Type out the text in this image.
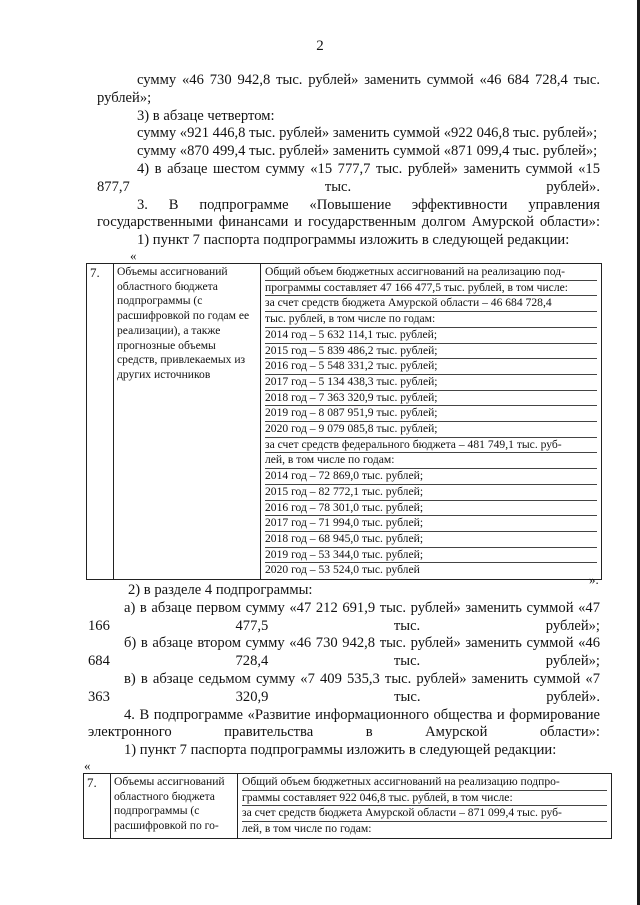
2

сумму «46 730 942,8 тыс. рублей» заменить суммой «46 684 728,4 тыс. рублей»;

3) в абзаце четвертом:

сумму «921 446,8 тыс. рублей» заменить суммой «922 046,8 тыс. рублей»;

сумму «870 499,4 тыс. рублей» заменить суммой «871 099,4 тыс. рублей»;

4) в абзаце шестом сумму «15 777,7 тыс. рублей» заменить суммой «15 877,7 тыс. рублей».

3. В подпрограмме «Повышение эффективности управления государственными финансами и государственным долгом Амурской области»:

1) пункт 7 паспорта подпрограммы изложить в следующей редакции:

«
7.	Объемы ассигнований областного бюджета подпрограммы (с расшифровкой по годам ее реализации), а также прогнозные объемы средств, привлекаемых из других источников	
Общий объем бюджетных ассигнований на реализацию под-
программы составляет 47 166 477,5 тыс. рублей, в том числе:
за счет средств бюджета Амурской области – 46 684 728,4
тыс. рублей, в том числе по годам:
2014 год – 5 632 114,1 тыс. рублей;
2015 год – 5 839 486,2 тыс. рублей;
2016 год – 5 548 331,2 тыс. рублей;
2017 год – 5 134 438,3 тыс. рублей;
2018 год – 7 363 320,9 тыс. рублей;
2019 год – 8 087 951,9 тыс. рублей;
2020 год – 9 079 085,8 тыс. рублей;
за счет средств федерального бюджета – 481 749,1 тыс. руб-
лей, в том числе по годам:
2014 год – 72 869,0 тыс. рублей;
2015 год – 82 772,1 тыс. рублей;
2016 год – 78 301,0 тыс. рублей;
2017 год – 71 994,0 тыс. рублей;
2018 год – 68 945,0 тыс. рублей;
2019 год – 53 344,0 тыс. рублей;
2020 год – 53 524,0 тыс. рублей
».

2) в разделе 4 подпрограммы:

а) в абзаце первом сумму «47 212 691,9 тыс. рублей» заменить суммой «47 166 477,5 тыс. рублей»;

б) в абзаце втором сумму «46 730 942,8 тыс. рублей» заменить суммой «46 684 728,4 тыс. рублей»;

в) в абзаце седьмом сумму «7 409 535,3 тыс. рублей» заменить суммой «7 363 320,9 тыс. рублей».

4. В подпрограмме «Развитие информационного общества и формирование электронного правительства в Амурской области»:

1) пункт 7 паспорта подпрограммы изложить в следующей редакции:

«
7.	Объемы ассигнований областного бюджета подпрограммы (с расшифровкой по го-	
Общий объем бюджетных ассигнований на реализацию подпро-
граммы составляет 922 046,8 тыс. рублей, в том числе:
за счет средств бюджета Амурской области – 871 099,4 тыс. руб-
лей, в том числе по годам:
